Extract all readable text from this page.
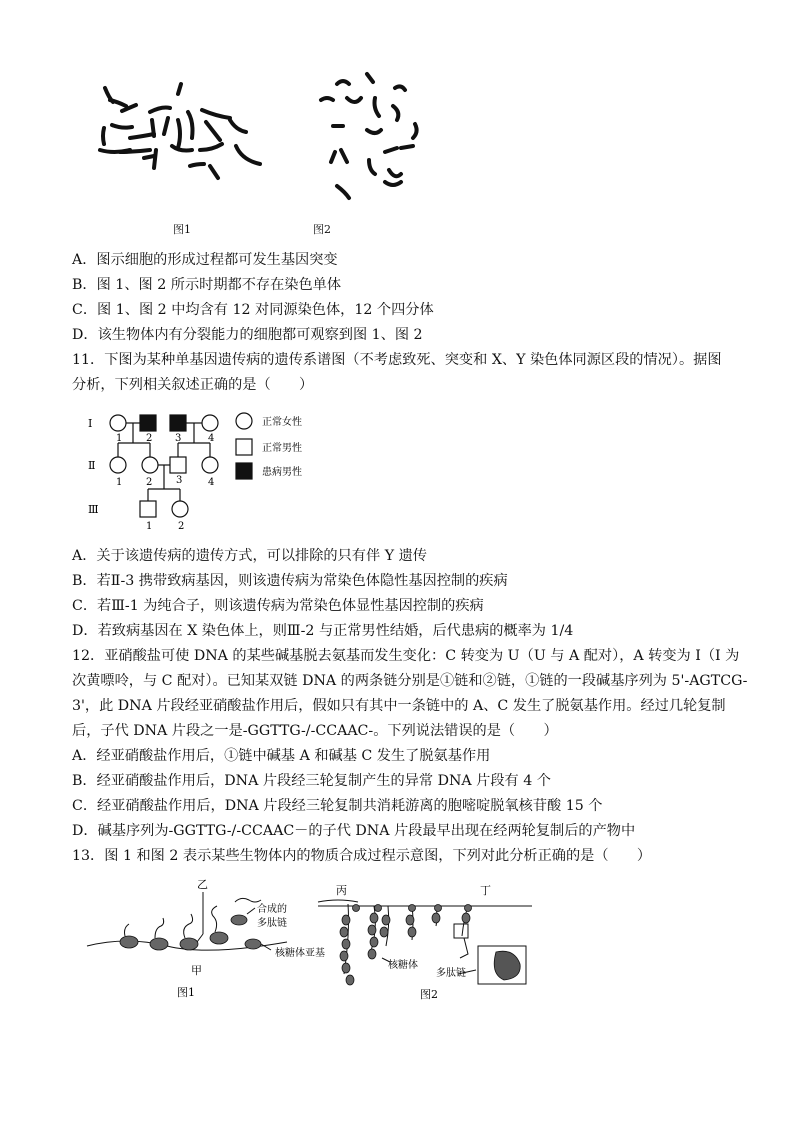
图1	图2
A．图示细胞的形成过程都可发生基因突变
B．图 1、图 2 所示时期都不存在染色单体
C．图 1、图 2 中均含有 12 对同源染色体，12 个四分体
D．该生物体内有分裂能力的细胞都可观察到图 1、图 2
11．下图为某种单基因遗传病的遗传系谱图（不考虑致死、突变和 X、Y 染色体同源区段的情况）。据图
分析，下列相关叙述正确的是（　　）
Ⅰ
Ⅱ
Ⅲ
1 2 3	4
1 2 3	4
1	2
正常女性
正常男性
患病男性
A．关于该遗传病的遗传方式，可以排除的只有伴 Y 遗传
B．若Ⅱ-3 携带致病基因，则该遗传病为常染色体隐性基因控制的疾病
C．若Ⅲ-1 为纯合子，则该遗传病为常染色体显性基因控制的疾病
D．若致病基因在 X 染色体上，则Ⅲ-2 与正常男性结婚，后代患病的概率为 1/4
12．亚硝酸盐可使 DNA 的某些碱基脱去氨基而发生变化：C 转变为 U（U 与 A 配对），A 转变为 I（I 为
次黄嘌呤，与 C 配对）。已知某双链 DNA 的两条链分别是①链和②链，①链的一段碱基序列为 5'-AGTCG-
3'，此 DNA 片段经亚硝酸盐作用后，假如只有其中一条链中的 A、C 发生了脱氨基作用。经过几轮复制
后，子代 DNA 片段之一是-GGTTG-/-CCAAC-。下列说法错误的是（　　）
A．经亚硝酸盐作用后，①链中碱基 A 和碱基 C 发生了脱氨基作用
B．经亚硝酸盐作用后，DNA 片段经三轮复制产生的异常 DNA 片段有 4 个
C．经亚硝酸盐作用后，DNA 片段经三轮复制共消耗游离的胞嘧啶脱氧核苷酸 15 个
D．碱基序列为-GGTTG-/-CCAAC－的子代 DNA 片段最早出现在经两轮复制后的产物中
13．图 1 和图 2 表示某些生物体内的物质合成过程示意图，下列对此分析正确的是（　　）
乙
甲
合成的
多肽链
核糖体亚基
图1
丙	丁
核糖体
多肽链
图2
